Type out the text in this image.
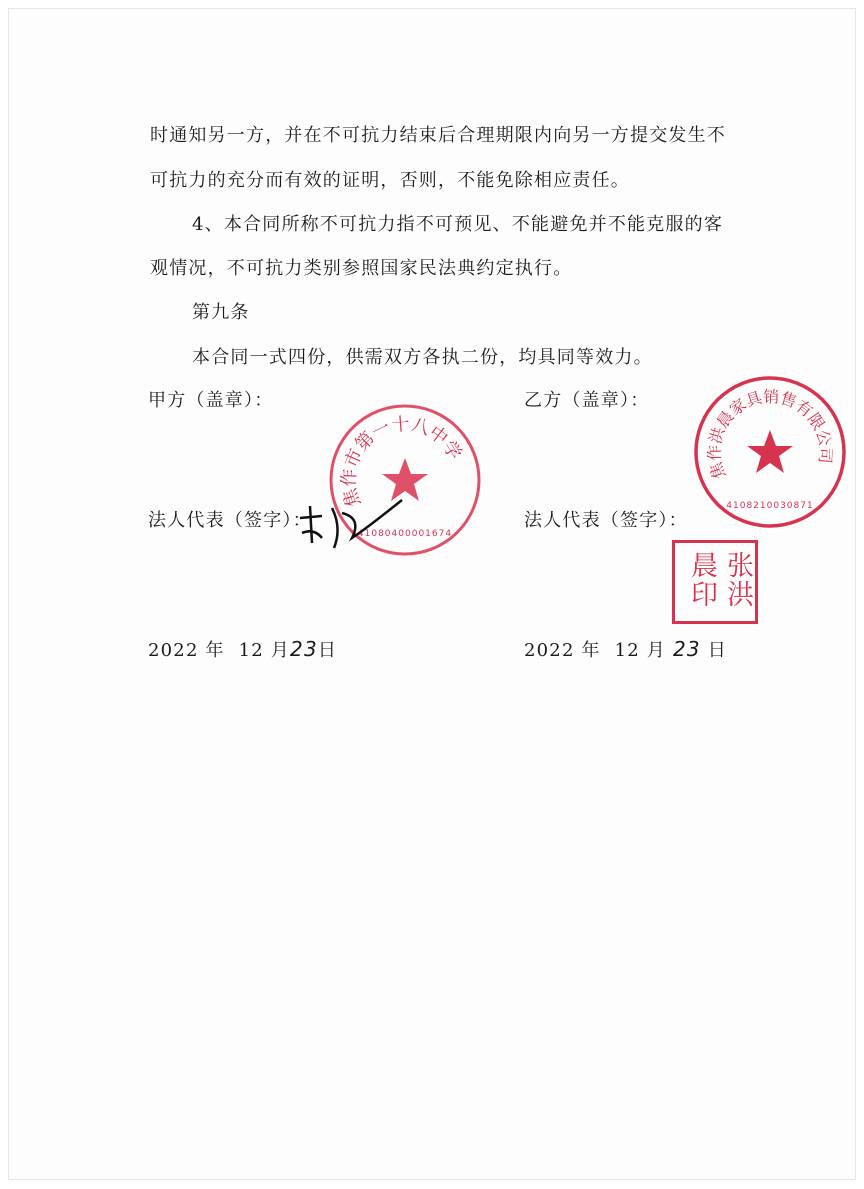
时通知另一方，并在不可抗力结束后合理期限内向另一方提交发生不
可抗力的充分而有效的证明，否则，不能免除相应责任。
4、本合同所称不可抗力指不可预见、不能避免并不能克服的客
观情况，不可抗力类别参照国家民法典约定执行。
第九条
本合同一式四份，供需双方各执二份，均具同等效力。
甲方（盖章）：	乙方（盖章）：
法人代表（签字）：	法人代表（签字）：
2022 年 12 月23日	2022 年 12 月 23 日
焦作市第一十八中学
41080400001674
焦作洪晨家具销售有限公司
4108210030871
张洪晨印
